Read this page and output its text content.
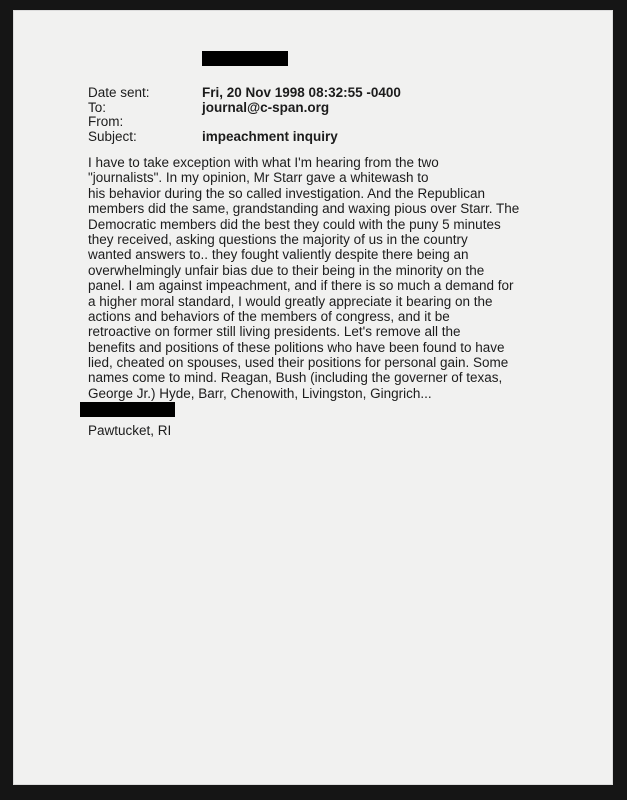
Date sent:	Fri, 20 Nov 1998 08:32:55 -0400
To:	journal@c-span.org
From:
Subject:	impeachment inquiry
I have to take exception with what I'm hearing from the two
"journalists". In my opinion, Mr Starr gave a whitewash to
his behavior during the so called investigation. And the Republican
members did the same, grandstanding and waxing pious over Starr. The
Democratic members did the best they could with the puny 5 minutes
they received, asking questions the majority of us in the country
wanted answers to.. they fought valiently despite there being an
overwhelmingly unfair bias due to their being in the minority on the
panel. I am against impeachment, and if there is so much a demand for
a higher moral standard, I would greatly appreciate it bearing on the
actions and behaviors of the members of congress, and it be
retroactive on former still living presidents. Let's remove all the
benefits and positions of these politions who have been found to have
lied, cheated on spouses, used their positions for personal gain. Some
names come to mind. Reagan, Bush (including the governer of texas,
George Jr.) Hyde, Barr, Chenowith, Livingston, Gingrich...
Pawtucket, RI
